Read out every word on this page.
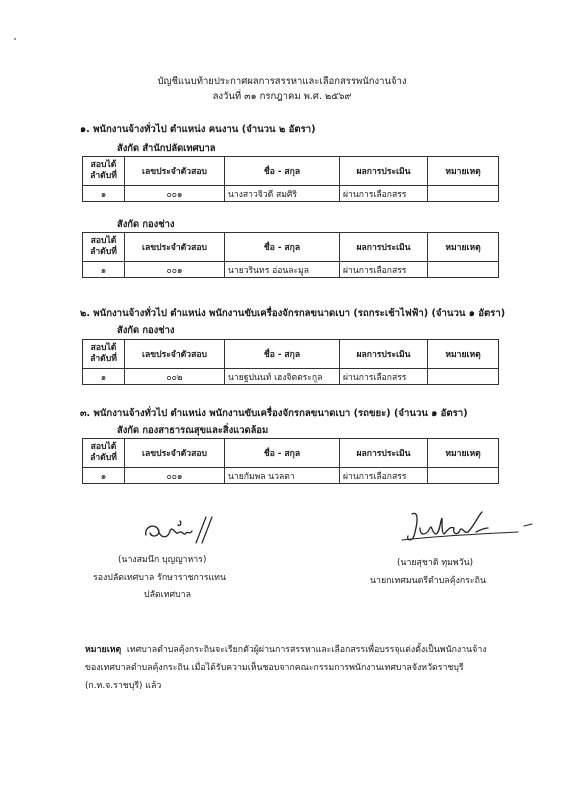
บัญชีแนบท้ายประกาศผลการสรรหาและเลือกสรรพนักงานจ้าง
ลงวันที่ ๓๑ กรกฎาคม พ.ศ. ๒๕๖๙
๑. พนักงานจ้างทั่วไป ตำแหน่ง คนงาน (จำนวน ๒ อัตรา)
สังกัด สำนักปลัดเทศบาล
สอบได้
ลำดับที่	เลขประจำตัวสอบ	ชื่อ - สกุล	ผลการประเมิน	หมายเหตุ
๑	๐๐๑	นางสาวจิวดี สมศิริ	ผ่านการเลือกสรร	
สังกัด กองช่าง
สอบได้
ลำดับที่	เลขประจำตัวสอบ	ชื่อ - สกุล	ผลการประเมิน	หมายเหตุ
๑	๐๐๑	นายวรินทร อ่อนละมูล	ผ่านการเลือกสรร	
๒. พนักงานจ้างทั่วไป ตำแหน่ง พนักงานขับเครื่องจักรกลขนาดเบา (รถกระเช้าไฟฟ้า) (จำนวน ๑ อัตรา)
สังกัด กองช่าง
สอบได้
ลำดับที่	เลขประจำตัวสอบ	ชื่อ - สกุล	ผลการประเมิน	หมายเหตุ
๑	๐๐๒	นายฐปนนท์ เฮงจิตตระกูล	ผ่านการเลือกสรร	
๓. พนักงานจ้างทั่วไป ตำแหน่ง พนักงานขับเครื่องจักรกลขนาดเบา (รถขยะ) (จำนวน ๑ อัตรา)
สังกัด กองสาธารณสุขและสิ่งแวดล้อม
สอบได้
ลำดับที่	เลขประจำตัวสอบ	ชื่อ - สกุล	ผลการประเมิน	หมายเหตุ
๑	๐๐๑	นายกัมพล นวลตา	ผ่านการเลือกสรร	
(นางสมนึก บุญญาหาร)
รองปลัดเทศบาล รักษาราชการแทน
ปลัดเทศบาล
(นายสุชาติ ทุมพวัน)
นายกเทศมนตรีตำบลคุ้งกระถิน
หมายเหตุ เทศบาลตำบลคุ้งกระถินจะเรียกตัวผู้ผ่านการสรรหาและเลือกสรรเพื่อบรรจุแต่งตั้งเป็นพนักงานจ้าง
ของเทศบาลตำบลคุ้งกระถิน เมื่อได้รับความเห็นชอบจากคณะกรรมการพนักงานเทศบาลจังหวัดราชบุรี
(ก.ท.จ.ราชบุรี) แล้ว
